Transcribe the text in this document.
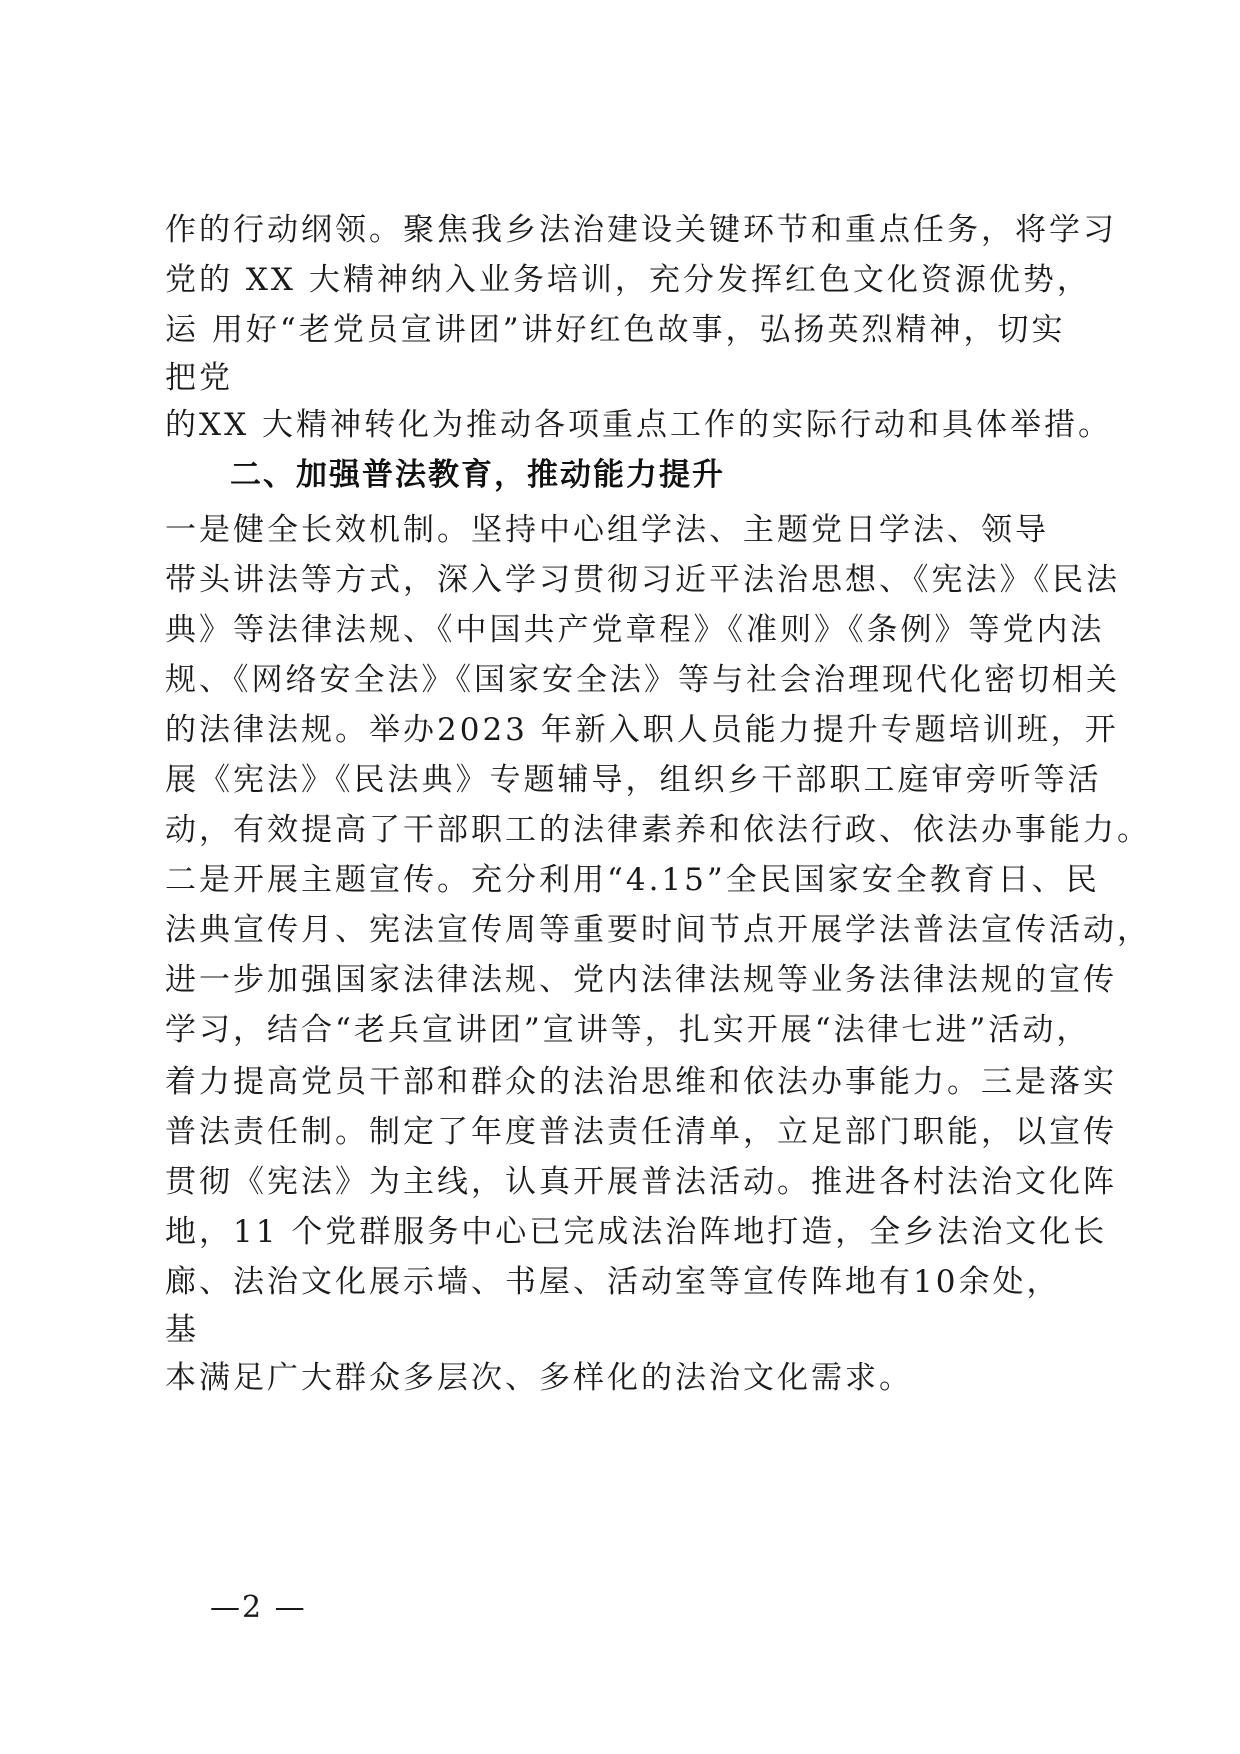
作的行动纲领。聚焦我乡法治建设关键环节和重点任务，将学习
党的 XX 大精神纳入业务培训，充分发挥红色文化资源优势，
运 用好“老党员宣讲团”讲好红色故事，弘扬英烈精神，切实
把党
的XX 大精神转化为推动各项重点工作的实际行动和具体举措。
二、加强普法教育，推动能力提升
一是健全长效机制。坚持中心组学法、主题党日学法、领导
带头讲法等方式，深入学习贯彻习近平法治思想、《宪法》《民法
典》等法律法规、《中国共产党章程》《准则》《条例》等党内法
规、《网络安全法》《国家安全法》等与社会治理现代化密切相关
的法律法规。举办2023 年新入职人员能力提升专题培训班，开
展《宪法》《民法典》专题辅导，组织乡干部职工庭审旁听等活
动，有效提高了干部职工的法律素养和依法行政、依法办事能力。
二是开展主题宣传。充分利用“4.15”全民国家安全教育日、民
法典宣传月、宪法宣传周等重要时间节点开展学法普法宣传活动，
进一步加强国家法律法规、党内法律法规等业务法律法规的宣传
学习，结合“老兵宣讲团”宣讲等，扎实开展“法律七进”活动，
着力提高党员干部和群众的法治思维和依法办事能力。三是落实
普法责任制。制定了年度普法责任清单，立足部门职能，以宣传
贯彻《宪法》为主线，认真开展普法活动。推进各村法治文化阵
地，11 个党群服务中心已完成法治阵地打造，全乡法治文化长
廊、法治文化展示墙、书屋、活动室等宣传阵地有10余处，
基
本满足广大群众多层次、多样化的法治文化需求。
—2 —
